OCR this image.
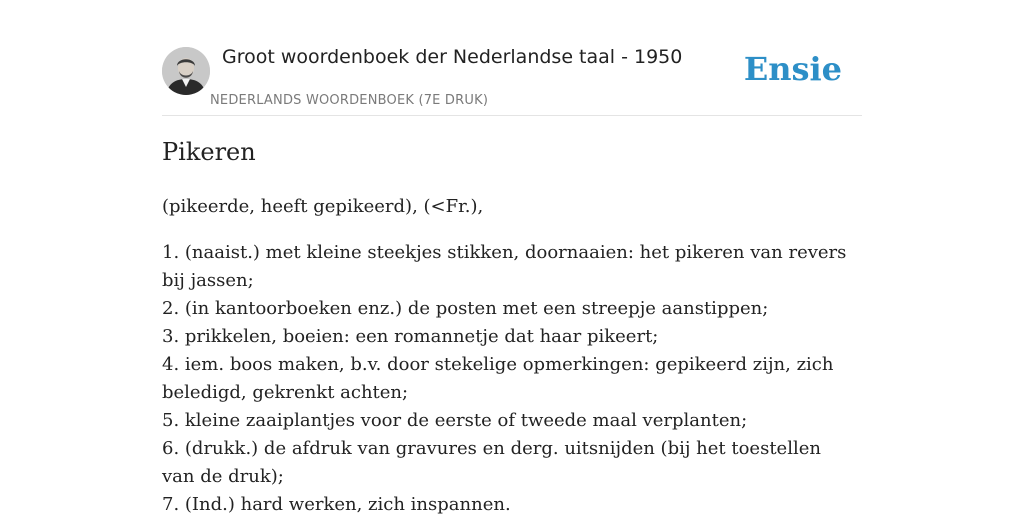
Groot woordenboek der Nederlandse taal - 1950
NEDERLANDS WOORDENBOEK (7E DRUK)
Ensie
Pikeren

(pikeerde, heeft gepikeerd), (<Fr.),

1. (naaist.) met kleine steekjes stikken, doornaaien: het pikeren van revers bij jassen;
2. (in kantoorboeken enz.) de posten met een streepje aanstippen;
3. prikkelen, boeien: een romannetje dat haar pikeert;
4. iem. boos maken, b.v. door stekelige opmerkingen: gepikeerd zijn, zich beledigd, gekrenkt achten;
5. kleine zaaiplantjes voor de eerste of tweede maal verplanten;
6. (drukk.) de afdruk van gravures en derg. uitsnijden (bij het toestellen van de druk);
7. (Ind.) hard werken, zich inspannen.
